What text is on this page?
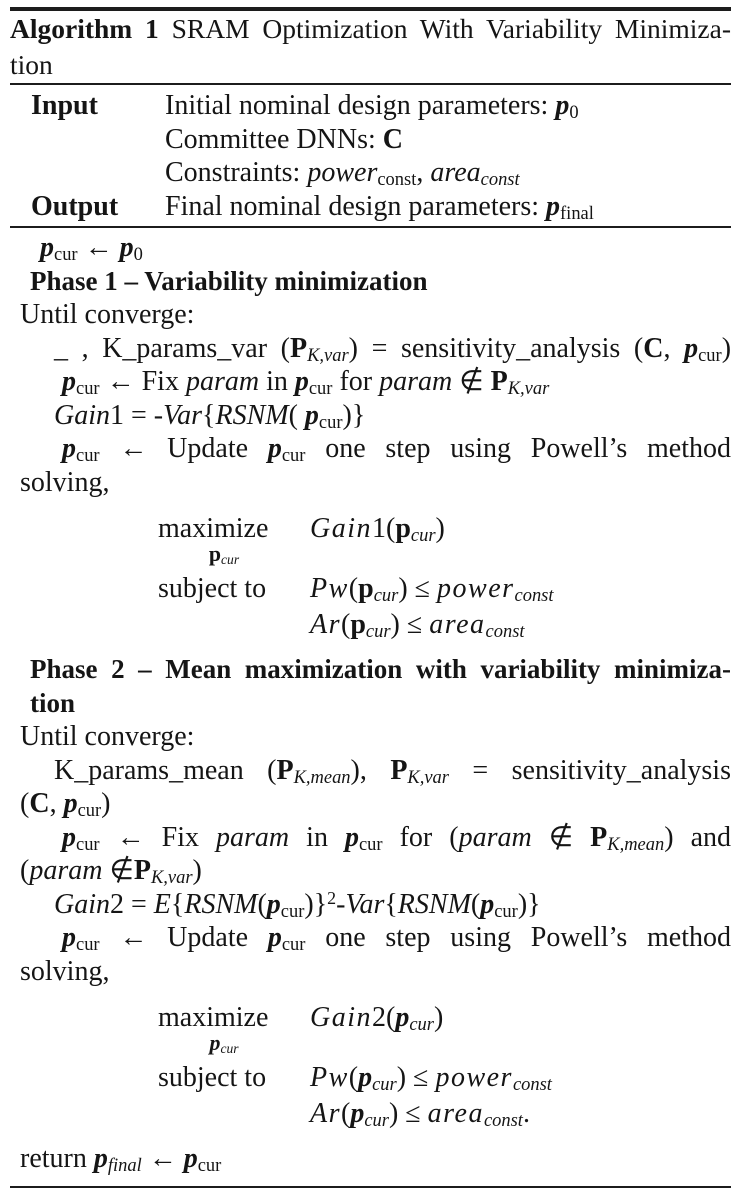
Algorithm 1 SRAM Optimization With Variability Minimiza-
tion
Input	Initial nominal design parameters: $p_0$
Committee DNNs: C
Constraints: power$_{const}$, area$_{const}$
Output	Final nominal design parameters: $p_{final}$
$p_{cur}$ ← $p_0$
Phase 1 – Variability minimization
Until converge:
_ , K_params_var $(P_{K,var})$ = sensitivity_analysis (C, $p_{cur}$)
$p_{cur}$ ← Fix param in $p_{cur}$ for param ∉ $P_{K,var}$
Gain1 = -Var{RSNM( $p_{cur}$)}
$p_{cur}$ ← Update $p_{cur}$ one step using Powell’s method
solving,
maximize	$Gain1(p_{cur})$
$p_{cur}$
subject to	$Pw(p_{cur})$ ≤ power$_{const}$
$Ar(p_{cur})$ ≤ area$_{const}$
Phase 2 – Mean maximization with variability minimiza-
tion
Until converge:
K_params_mean $(P_{K,mean})$, $P_{K,var}$ = sensitivity_analysis
(C, $p_{cur}$)
$p_{cur}$ ← Fix param in $p_{cur}$ for (param ∉ $P_{K,mean}$) and
(param $\notin P_{K,var}$)
Gain2 = $E\{RSNM(p_{cur})\}^2-Var\{RSNM(p_{cur})\}$
$p_{cur}$ ← Update $p_{cur}$ one step using Powell’s method
solving,
maximize	$Gain2(p_{cur})$
$p_{cur}$
subject to	$Pw(p_{cur})$ ≤ power$_{const}$
$Ar(p_{cur})$ ≤ area$_{const}$.
return $p_{final}$ ← $p_{cur}$
